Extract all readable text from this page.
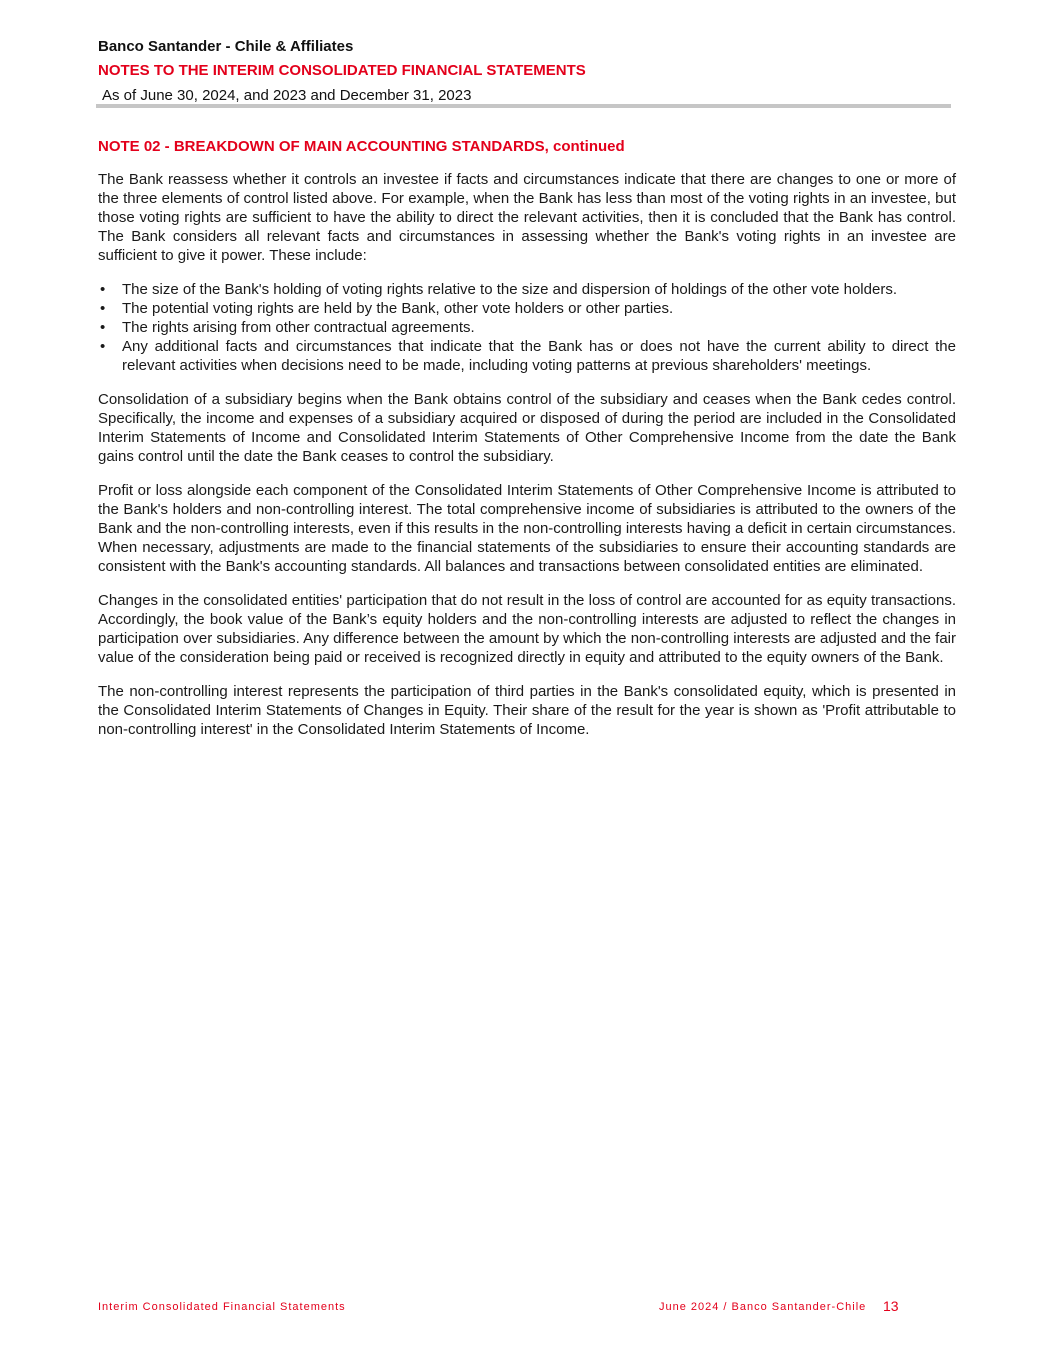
Banco Santander - Chile & Affiliates
NOTES TO THE INTERIM CONSOLIDATED FINANCIAL STATEMENTS
As of June 30, 2024, and 2023 and December 31, 2023
NOTE 02 - BREAKDOWN OF MAIN ACCOUNTING STANDARDS, continued

The Bank reassess whether it controls an investee if facts and circumstances indicate that there are changes to one or more of the three elements of control listed above. For example, when the Bank has less than most of the voting rights in an investee, but those voting rights are sufficient to have the ability to direct the relevant activities, then it is concluded that the Bank has control. The Bank considers all relevant facts and circumstances in assessing whether the Bank's voting rights in an investee are sufficient to give it power. These include:

• The size of the Bank's holding of voting rights relative to the size and dispersion of holdings of the other vote holders.
• The potential voting rights are held by the Bank, other vote holders or other parties.
• The rights arising from other contractual agreements.
• Any additional facts and circumstances that indicate that the Bank has or does not have the current ability to direct the relevant activities when decisions need to be made, including voting patterns at previous shareholders' meetings.

Consolidation of a subsidiary begins when the Bank obtains control of the subsidiary and ceases when the Bank cedes control. Specifically, the income and expenses of a subsidiary acquired or disposed of during the period are included in the Consolidated Interim Statements of Income and Consolidated Interim Statements of Other Comprehensive Income from the date the Bank gains control until the date the Bank ceases to control the subsidiary.

Profit or loss alongside each component of the Consolidated Interim Statements of Other Comprehensive Income is attributed to the Bank's holders and non-controlling interest. The total comprehensive income of subsidiaries is attributed to the owners of the Bank and the non-controlling interests, even if this results in the non-controlling interests having a deficit in certain circumstances. When necessary, adjustments are made to the financial statements of the subsidiaries to ensure their accounting standards are consistent with the Bank's accounting standards. All balances and transactions between consolidated entities are eliminated.

Changes in the consolidated entities' participation that do not result in the loss of control are accounted for as equity transactions. Accordingly, the book value of the Bank’s equity holders and the non-controlling interests are adjusted to reflect the changes in participation over subsidiaries. Any difference between the amount by which the non-controlling interests are adjusted and the fair value of the consideration being paid or received is recognized directly in equity and attributed to the equity owners of the Bank.

The non-controlling interest represents the participation of third parties in the Bank's consolidated equity, which is presented in the Consolidated Interim Statements of Changes in Equity. Their share of the result for the year is shown as 'Profit attributable to non-controlling interest' in the Consolidated Interim Statements of Income.

Interim Consolidated Financial Statements	June 2024 / Banco Santander-Chile 13
